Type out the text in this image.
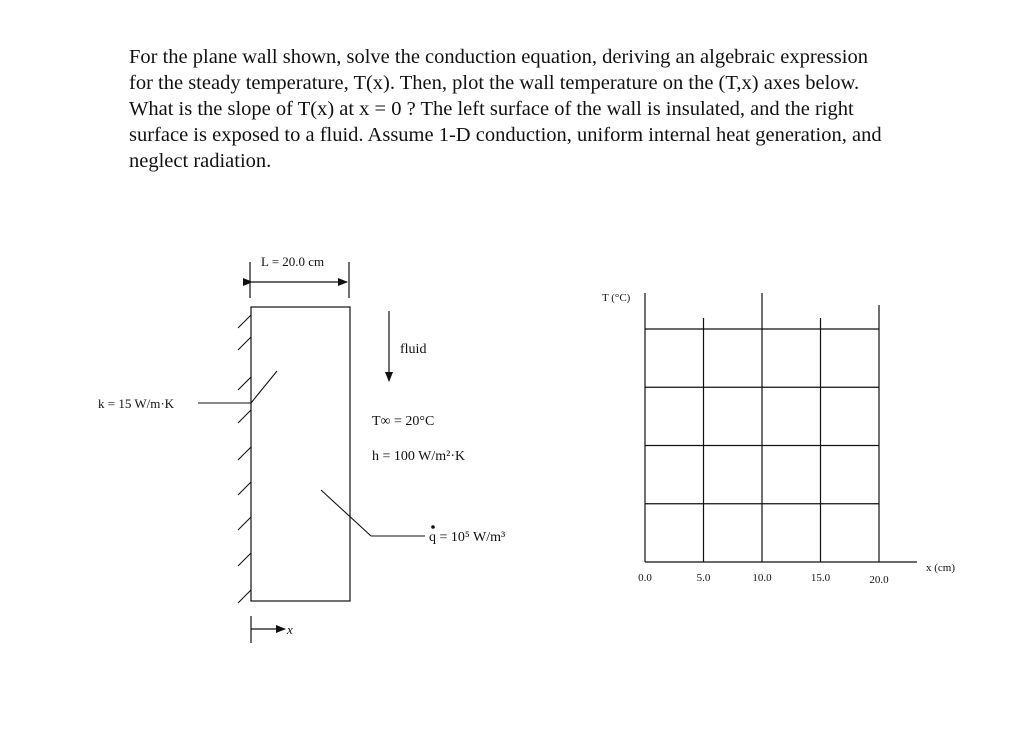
For the plane wall shown, solve the conduction equation, deriving an algebraic expression
for the steady temperature, T(x). Then, plot the wall temperature on the (T,x) axes below.
What is the slope of T(x) at x = 0 ? The left surface of the wall is insulated, and the right
surface is exposed to a fluid. Assume 1-D conduction, uniform internal heat generation, and
neglect radiation.
L = 20.0 cm
k = 15 W/m·K
fluid
T∞ = 20°C
h = 100 W/m²·K
q = 10⁵ W/m³
x
T (°C)
x (cm)
0.0	5.0	10.0	15.0	20.0
